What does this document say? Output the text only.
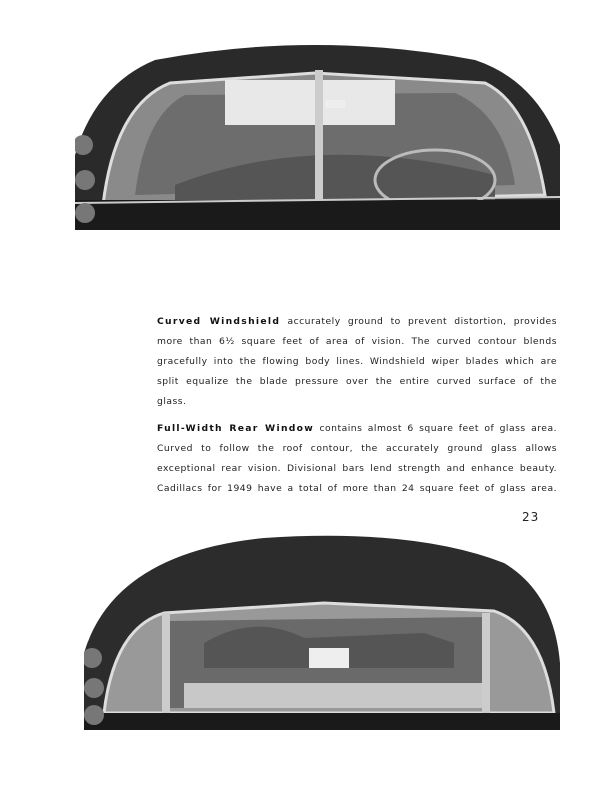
Curved Windshield accurately ground to prevent distortion, provides more than 6½ square feet of area of vision. The curved contour blends gracefully into the flowing body lines. Windshield wiper blades which are split equalize the blade pressure over the entire curved surface of the glass.

Full-Width Rear Window contains almost 6 square feet of glass area. Curved to follow the roof contour, the accurately ground glass allows exceptional rear vision. Divisional bars lend strength and enhance beauty. Cadillacs for 1949 have a total of more than 24 square feet of glass area.

23
